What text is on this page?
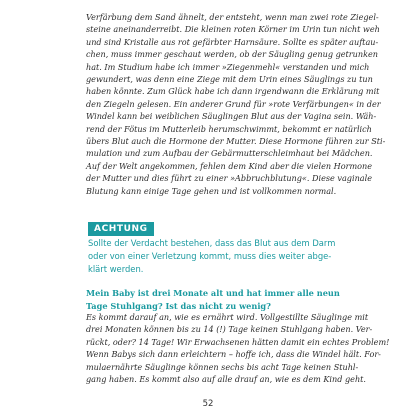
Verfärbung dem Sand ähnelt, der entsteht, wenn man zwei rote Ziegel-
steine aneinanderreibt. Die kleinen roten Körner im Urin tun nicht weh
und sind Kristalle aus rot gefärbter Harnsäure. Sollte es später auftau-
chen, muss immer geschaut werden, ob der Säugling genug getrunken
hat. Im Studium habe ich immer »Ziegenmehl« verstanden und mich
gewundert, was denn eine Ziege mit dem Urin eines Säuglings zu tun
haben könnte. Zum Glück habe ich dann irgendwann die Erklärung mit
den Ziegeln gelesen. Ein anderer Grund für »rote Verfärbungen« in der
Windel kann bei weiblichen Säuglingen Blut aus der Vagina sein. Wäh-
rend der Fötus im Mutterleib herumschwimmt, bekommt er natürlich
übers Blut auch die Hormone der Mutter. Diese Hormone führen zur Sti-
mulation und zum Aufbau der Gebärmutterschleimhaut bei Mädchen.
Auf der Welt angekommen, fehlen dem Kind aber die vielen Hormone
der Mutter und dies führt zu einer »Abbruchblutung«. Diese vaginale
Blutung kann einige Tage gehen und ist vollkommen normal.
ACHTUNG
Sollte der Verdacht bestehen, dass das Blut aus dem Darm
oder von einer Verletzung kommt, muss dies weiter abge-
klärt werden.
Mein Baby ist drei Monate alt und hat immer alle neun
Tage Stuhlgang? Ist das nicht zu wenig?
Es kommt darauf an, wie es ernährt wird. Vollgestillte Säuglinge mit
drei Monaten können bis zu 14 (!) Tage keinen Stuhlgang haben. Ver-
rückt, oder? 14 Tage! Wir Erwachsenen hätten damit ein echtes Problem!
Wenn Babys sich dann erleichtern – hoffe ich, dass die Windel hält. For-
mulaernährte Säuglinge können sechs bis acht Tage keinen Stuhl-
gang haben. Es kommt also auf alle drauf an, wie es dem Kind geht.
52
